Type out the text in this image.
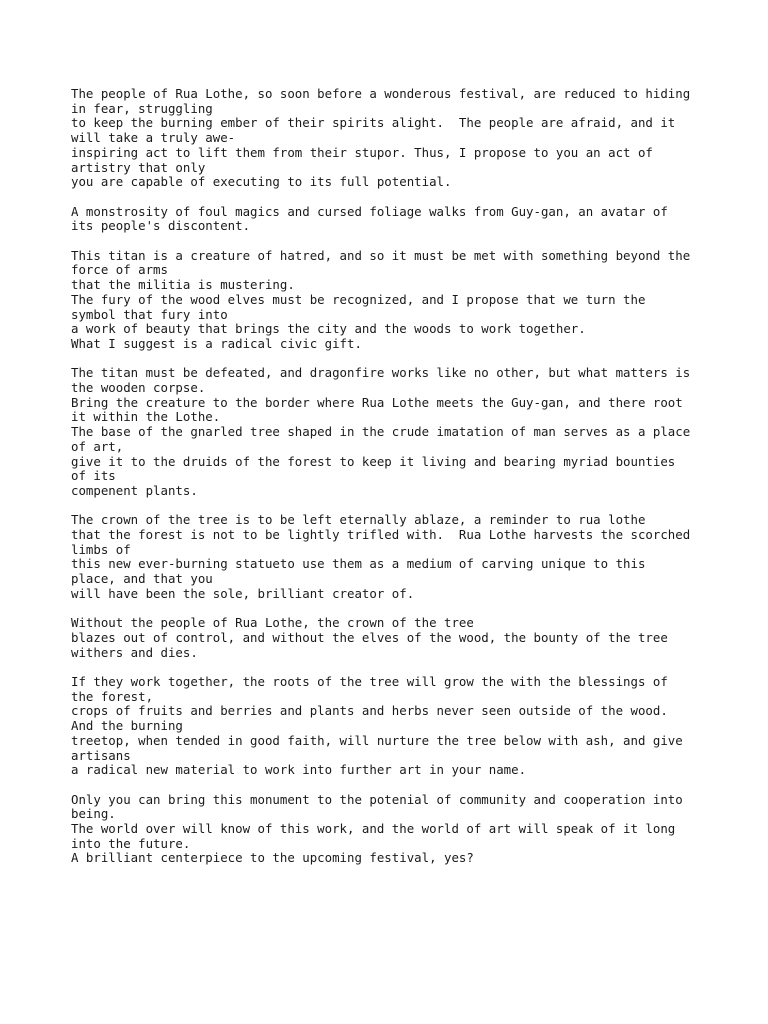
The people of Rua Lothe, so soon before a wonderous festival, are reduced to hiding
in fear, struggling
to keep the burning ember of their spirits alight.  The people are afraid, and it
will take a truly awe-
inspiring act to lift them from their stupor. Thus, I propose to you an act of
artistry that only
you are capable of executing to its full potential.
A monstrosity of foul magics and cursed foliage walks from Guy-gan, an avatar of
its people's discontent.
This titan is a creature of hatred, and so it must be met with something beyond the
force of arms
that the militia is mustering.
The fury of the wood elves must be recognized, and I propose that we turn the
symbol that fury into
a work of beauty that brings the city and the woods to work together.
What I suggest is a radical civic gift.
The titan must be defeated, and dragonfire works like no other, but what matters is
the wooden corpse.
Bring the creature to the border where Rua Lothe meets the Guy-gan, and there root
it within the Lothe.
The base of the gnarled tree shaped in the crude imatation of man serves as a place
of art,
give it to the druids of the forest to keep it living and bearing myriad bounties
of its
compenent plants.
The crown of the tree is to be left eternally ablaze, a reminder to rua lothe
that the forest is not to be lightly trifled with.  Rua Lothe harvests the scorched
limbs of
this new ever-burning statueto use them as a medium of carving unique to this
place, and that you
will have been the sole, brilliant creator of.
Without the people of Rua Lothe, the crown of the tree
blazes out of control, and without the elves of the wood, the bounty of the tree
withers and dies.
If they work together, the roots of the tree will grow the with the blessings of
the forest,
crops of fruits and berries and plants and herbs never seen outside of the wood.
And the burning
treetop, when tended in good faith, will nurture the tree below with ash, and give
artisans
a radical new material to work into further art in your name.
Only you can bring this monument to the potenial of community and cooperation into
being.
The world over will know of this work, and the world of art will speak of it long
into the future.
A brilliant centerpiece to the upcoming festival, yes?
